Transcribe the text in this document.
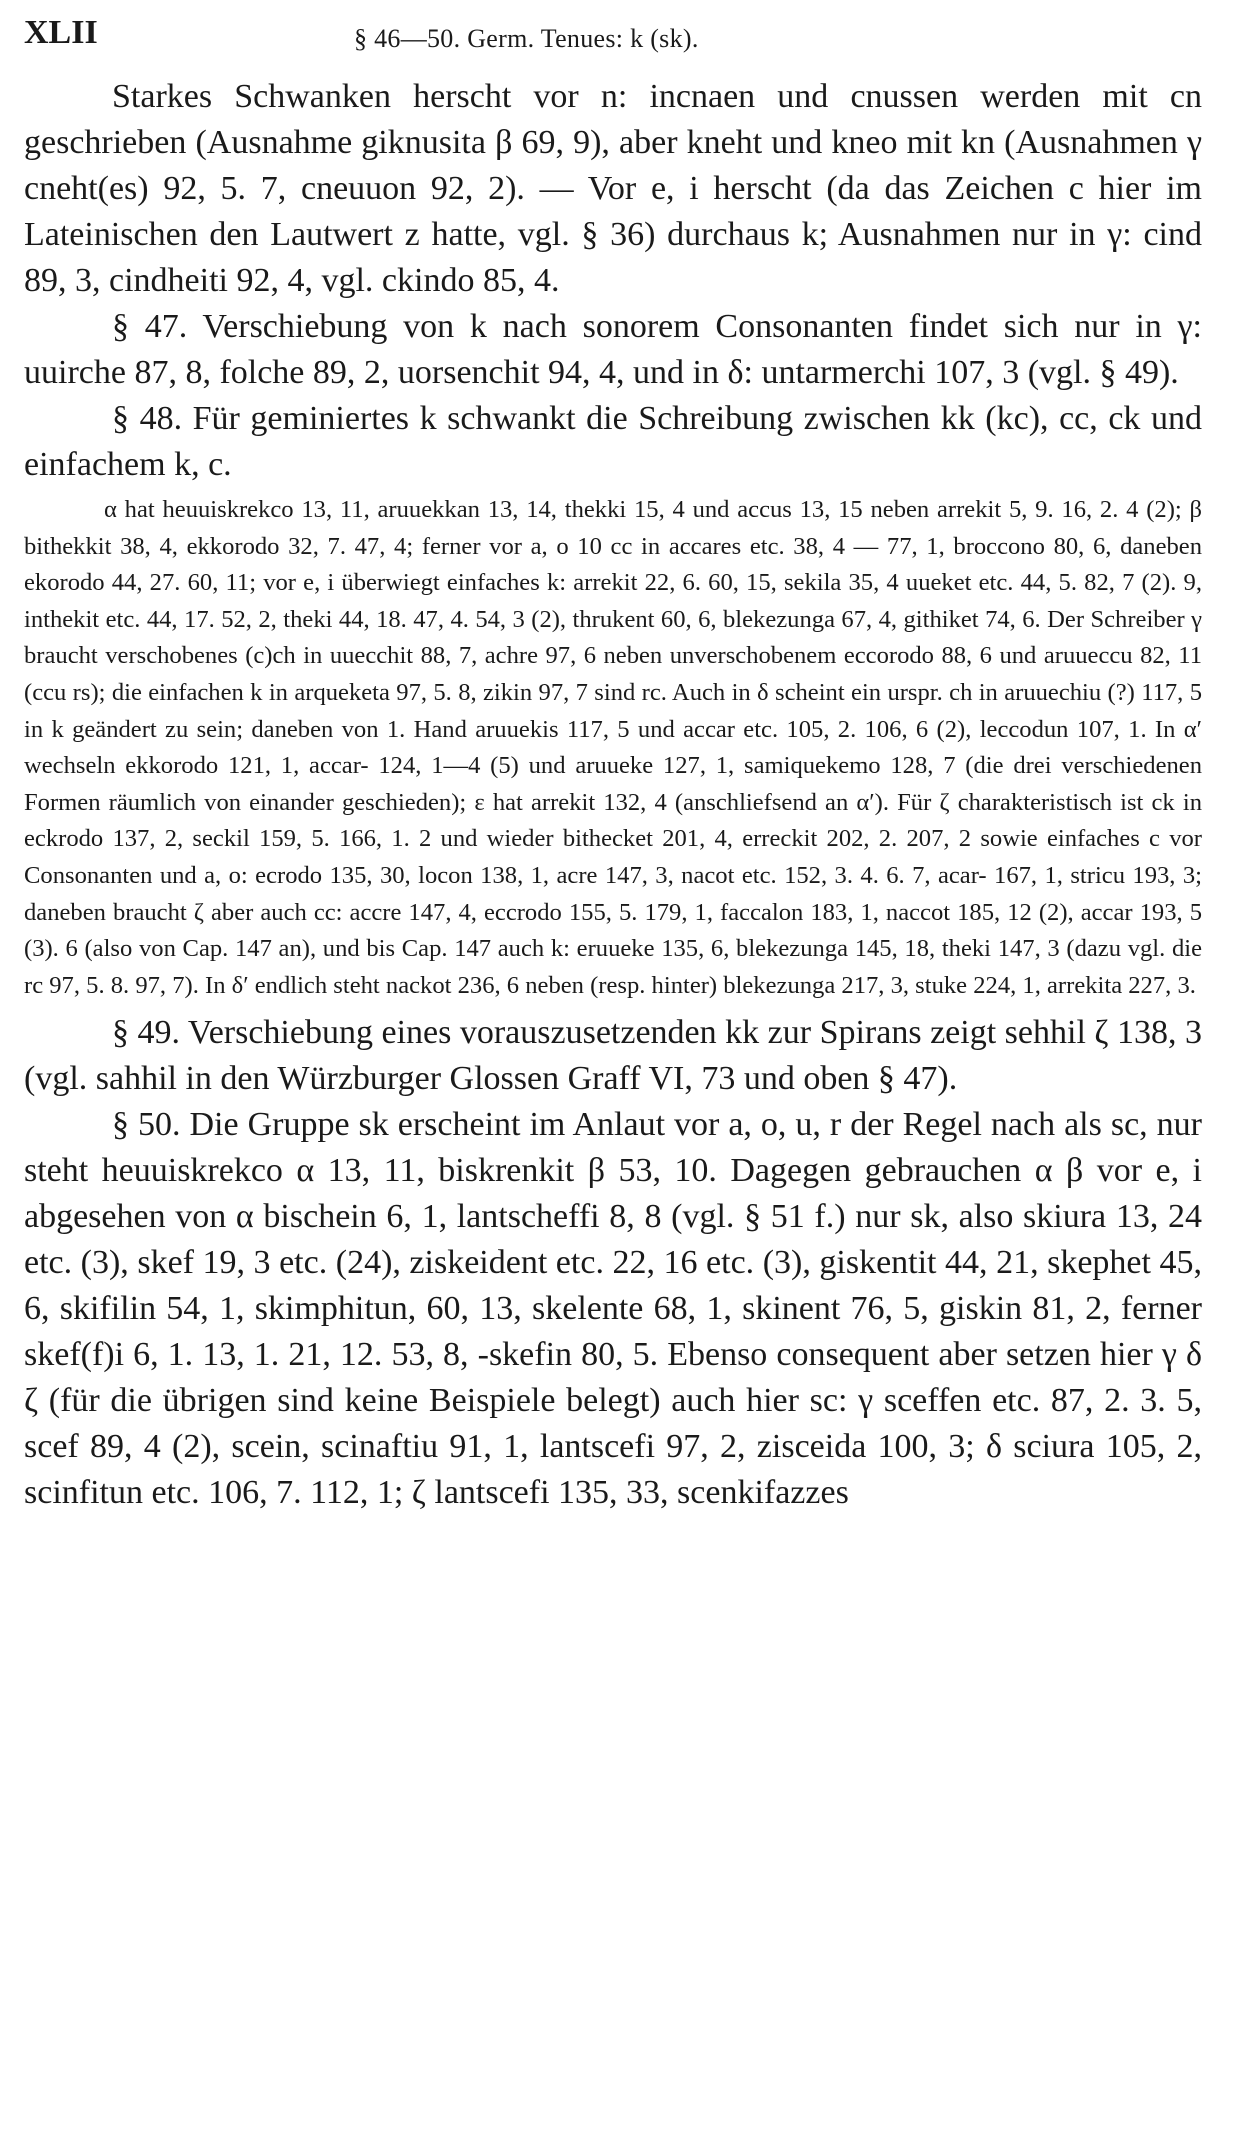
XLII	§ 46—50. Germ. Tenues: k (sk).

Starkes Schwanken herscht vor n: incnaen und cnussen werden mit cn geschrieben (Ausnahme giknusita β 69, 9), aber kneht und kneo mit kn (Ausnahmen γ cneht(es) 92, 5. 7, cneuuon 92, 2). — Vor e, i herscht (da das Zeichen c hier im Lateinischen den Lautwert z hatte, vgl. § 36) durchaus k; Ausnahmen nur in γ: cind 89, 3, cindheiti 92, 4, vgl. ckindo 85, 4.

§ 47. Verschiebung von k nach sonorem Consonanten findet sich nur in γ: uuirche 87, 8, folche 89, 2, uorsenchit 94, 4, und in δ: untarmerchi 107, 3 (vgl. § 49).

§ 48. Für geminiertes k schwankt die Schreibung zwischen kk (kc), cc, ck und einfachem k, c.

α hat heuuiskrekco 13, 11, aruuekkan 13, 14, thekki 15, 4 und accus 13, 15 neben arrekit 5, 9. 16, 2. 4 (2); β bithekkit 38, 4, ekkorodo 32, 7. 47, 4; ferner vor a, o 10 cc in accares etc. 38, 4 — 77, 1, broccono 80, 6, daneben ekorodo 44, 27. 60, 11; vor e, i überwiegt einfaches k: arrekit 22, 6. 60, 15, sekila 35, 4 uueket etc. 44, 5. 82, 7 (2). 9, inthekit etc. 44, 17. 52, 2, theki 44, 18. 47, 4. 54, 3 (2), thrukent 60, 6, blekezunga 67, 4, githiket 74, 6. Der Schreiber γ braucht verschobenes (c)ch in uuecchit 88, 7, achre 97, 6 neben unverschobenem eccorodo 88, 6 und aruueccu 82, 11 (ccu rs); die einfachen k in arqueketa 97, 5. 8, zikin 97, 7 sind rc. Auch in δ scheint ein urspr. ch in aruuechiu (?) 117, 5 in k geändert zu sein; daneben von 1. Hand aruuekis 117, 5 und accar etc. 105, 2. 106, 6 (2), leccodun 107, 1. In α′ wechseln ekkorodo 121, 1, accar- 124, 1—4 (5) und aruueke 127, 1, samiquekemo 128, 7 (die drei verschiedenen Formen räumlich von einander geschieden); ε hat arrekit 132, 4 (anschliefsend an α′). Für ζ charakteristisch ist ck in eckrodo 137, 2, seckil 159, 5. 166, 1. 2 und wieder bithecket 201, 4, erreckit 202, 2. 207, 2 sowie einfaches c vor Consonanten und a, o: ecrodo 135, 30, locon 138, 1, acre 147, 3, nacot etc. 152, 3. 4. 6. 7, acar- 167, 1, stricu 193, 3; daneben braucht ζ aber auch cc: accre 147, 4, eccrodo 155, 5. 179, 1, faccalon 183, 1, naccot 185, 12 (2), accar 193, 5 (3). 6 (also von Cap. 147 an), und bis Cap. 147 auch k: eruueke 135, 6, blekezunga 145, 18, theki 147, 3 (dazu vgl. die rc 97, 5. 8. 97, 7). In δ′ endlich steht nackot 236, 6 neben (resp. hinter) blekezunga 217, 3, stuke 224, 1, arrekita 227, 3.

§ 49. Verschiebung eines vorauszusetzenden kk zur Spirans zeigt sehhil ζ 138, 3 (vgl. sahhil in den Würzburger Glossen Graff VI, 73 und oben § 47).

§ 50. Die Gruppe sk erscheint im Anlaut vor a, o, u, r der Regel nach als sc, nur steht heuuiskrekco α 13, 11, biskrenkit β 53, 10. Dagegen gebrauchen α β vor e, i abgesehen von α bischein 6, 1, lantscheffi 8, 8 (vgl. § 51 f.) nur sk, also skiura 13, 24 etc. (3), skef 19, 3 etc. (24), ziskeident etc. 22, 16 etc. (3), giskentit 44, 21, skephet 45, 6, skifilin 54, 1, skimphitun, 60, 13, skelente 68, 1, skinent 76, 5, giskin 81, 2, ferner skef(f)i 6, 1. 13, 1. 21, 12. 53, 8, -skefin 80, 5. Ebenso consequent aber setzen hier γ δ ζ (für die übrigen sind keine Beispiele belegt) auch hier sc: γ sceffen etc. 87, 2. 3. 5, scef 89, 4 (2), scein, scinaftiu 91, 1, lantscefi 97, 2, zisceida 100, 3; δ sciura 105, 2, scinfitun etc. 106, 7. 112, 1; ζ lantscefi 135, 33, scenkifazzes
